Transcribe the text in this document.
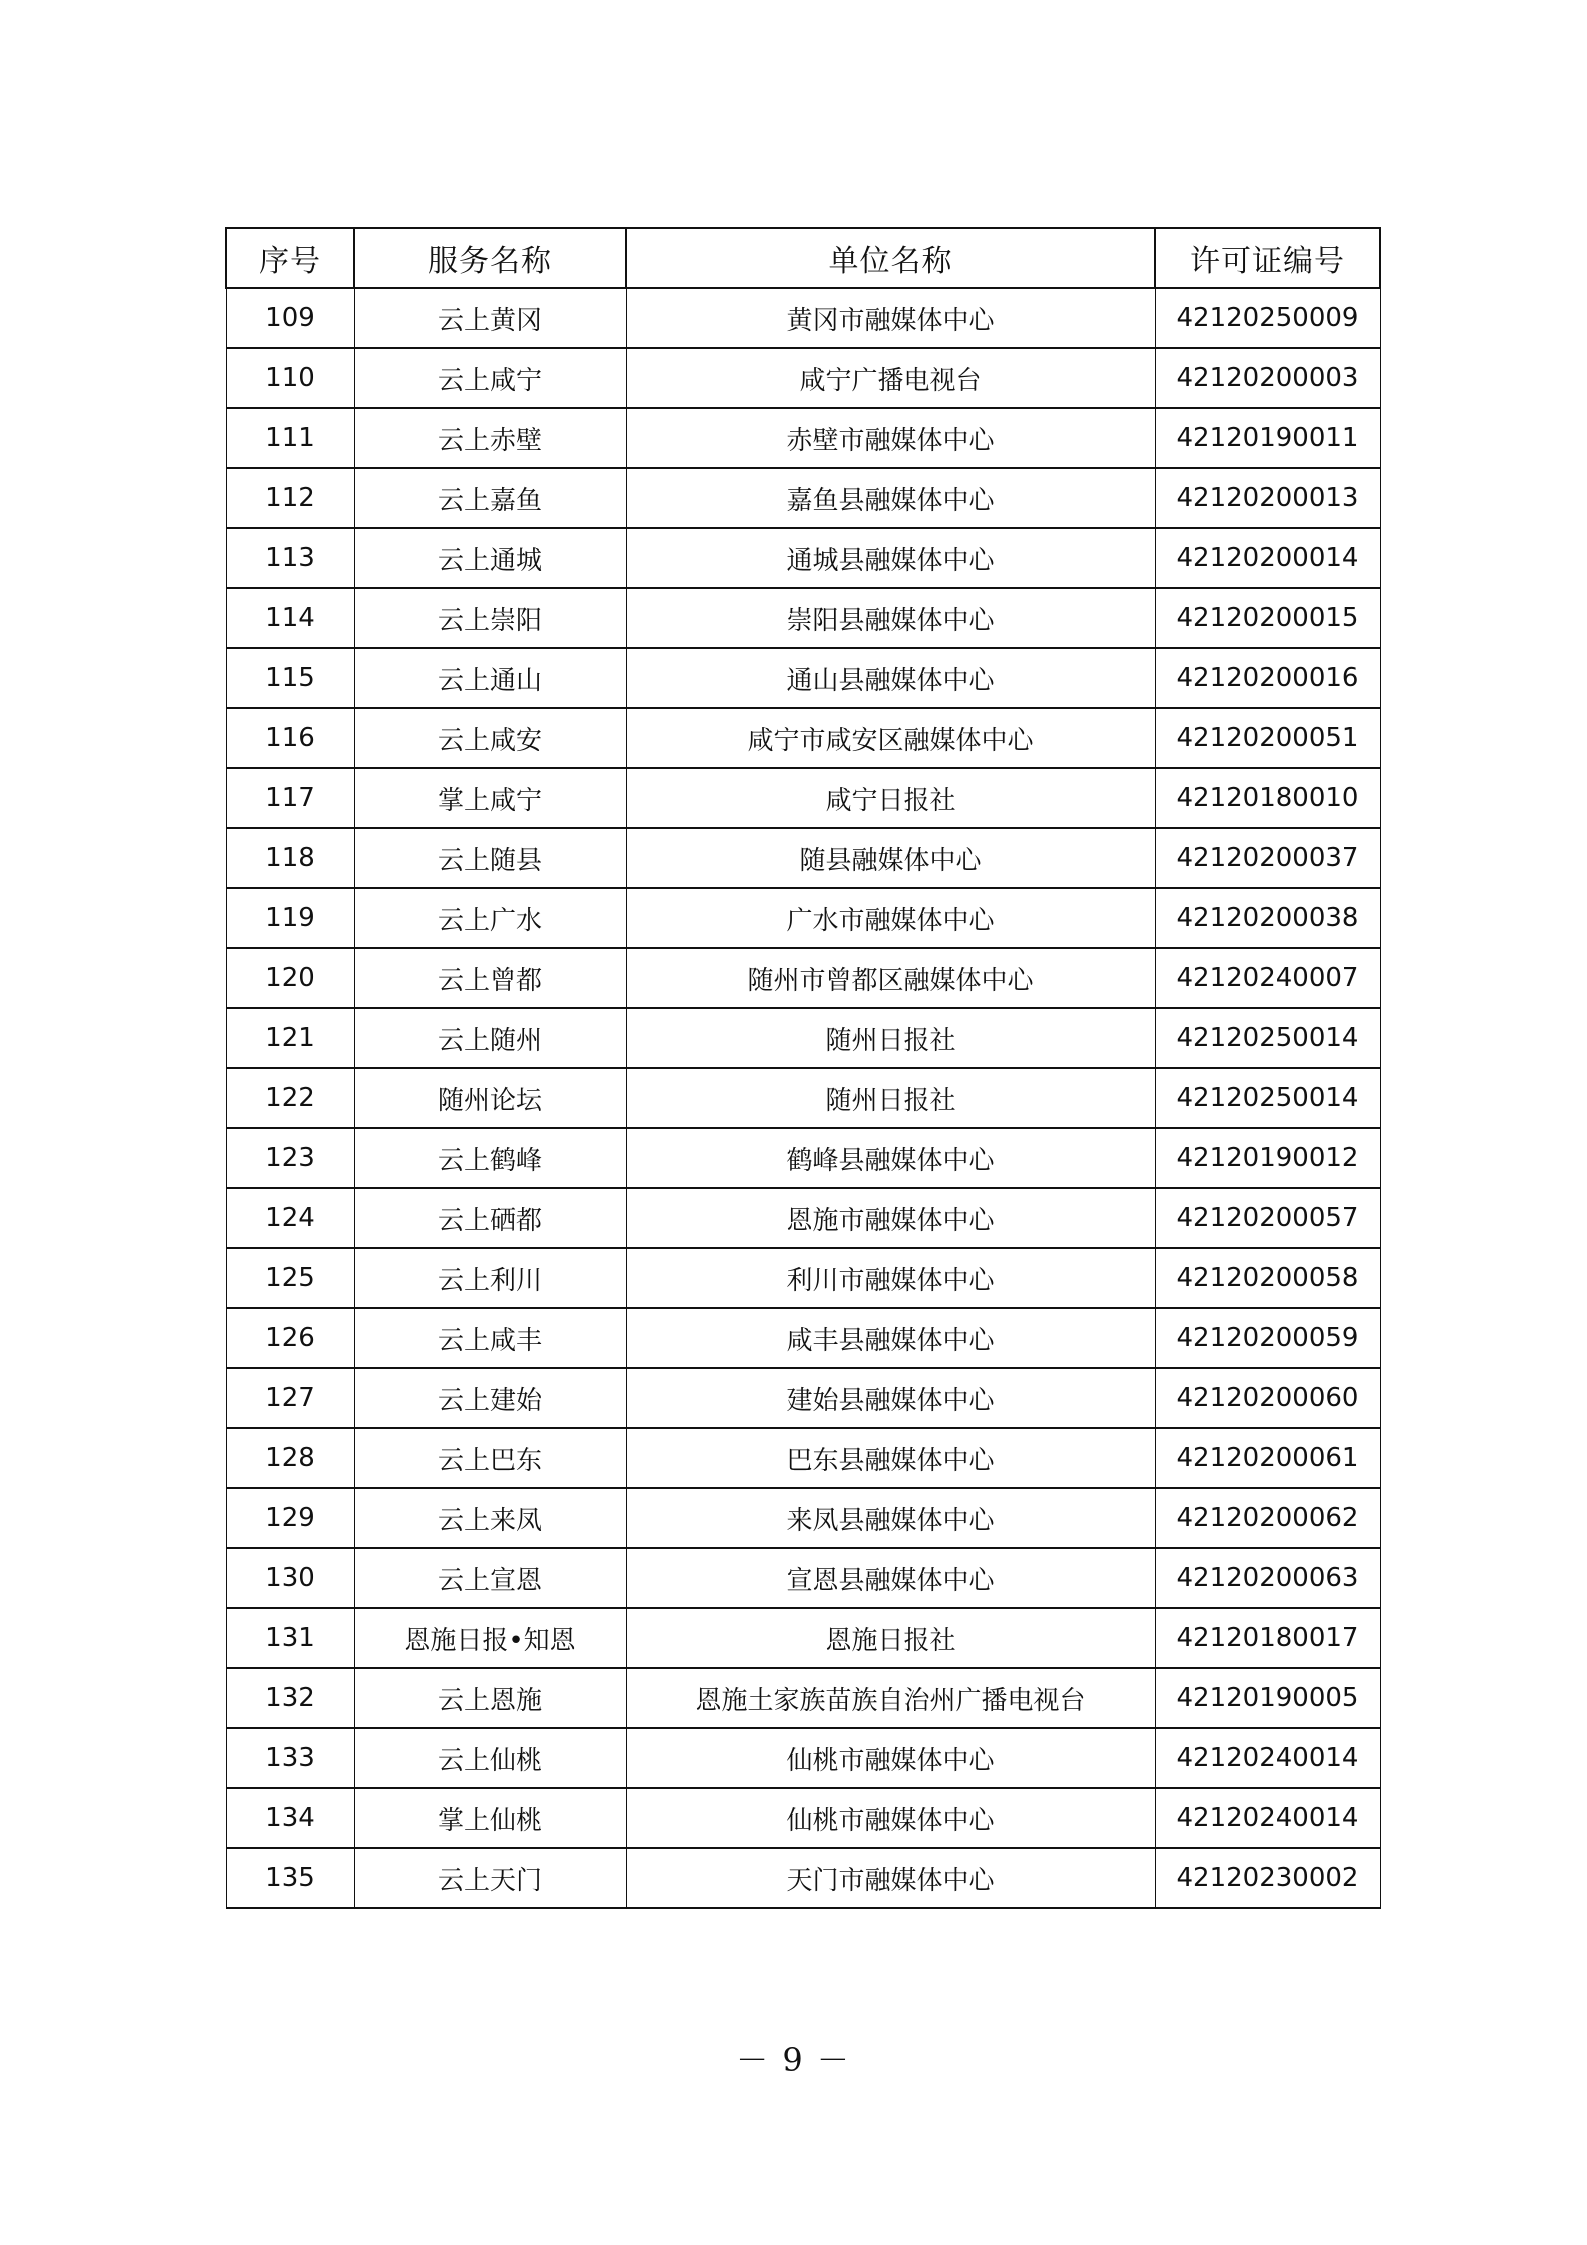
序号	服务名称	单位名称	许可证编号
109	云上黄冈	黄冈市融媒体中心	42120250009
110	云上咸宁	咸宁广播电视台	42120200003
111	云上赤壁	赤壁市融媒体中心	42120190011
112	云上嘉鱼	嘉鱼县融媒体中心	42120200013
113	云上通城	通城县融媒体中心	42120200014
114	云上崇阳	崇阳县融媒体中心	42120200015
115	云上通山	通山县融媒体中心	42120200016
116	云上咸安	咸宁市咸安区融媒体中心	42120200051
117	掌上咸宁	咸宁日报社	42120180010
118	云上随县	随县融媒体中心	42120200037
119	云上广水	广水市融媒体中心	42120200038
120	云上曾都	随州市曾都区融媒体中心	42120240007
121	云上随州	随州日报社	42120250014
122	随州论坛	随州日报社	42120250014
123	云上鹤峰	鹤峰县融媒体中心	42120190012
124	云上硒都	恩施市融媒体中心	42120200057
125	云上利川	利川市融媒体中心	42120200058
126	云上咸丰	咸丰县融媒体中心	42120200059
127	云上建始	建始县融媒体中心	42120200060
128	云上巴东	巴东县融媒体中心	42120200061
129	云上来凤	来凤县融媒体中心	42120200062
130	云上宣恩	宣恩县融媒体中心	42120200063
131	恩施日报•知恩	恩施日报社	42120180017
132	云上恩施	恩施土家族苗族自治州广播电视台	42120190005
133	云上仙桃	仙桃市融媒体中心	42120240014
134	掌上仙桃	仙桃市融媒体中心	42120240014
135	云上天门	天门市融媒体中心	42120230002
－ 9 －
